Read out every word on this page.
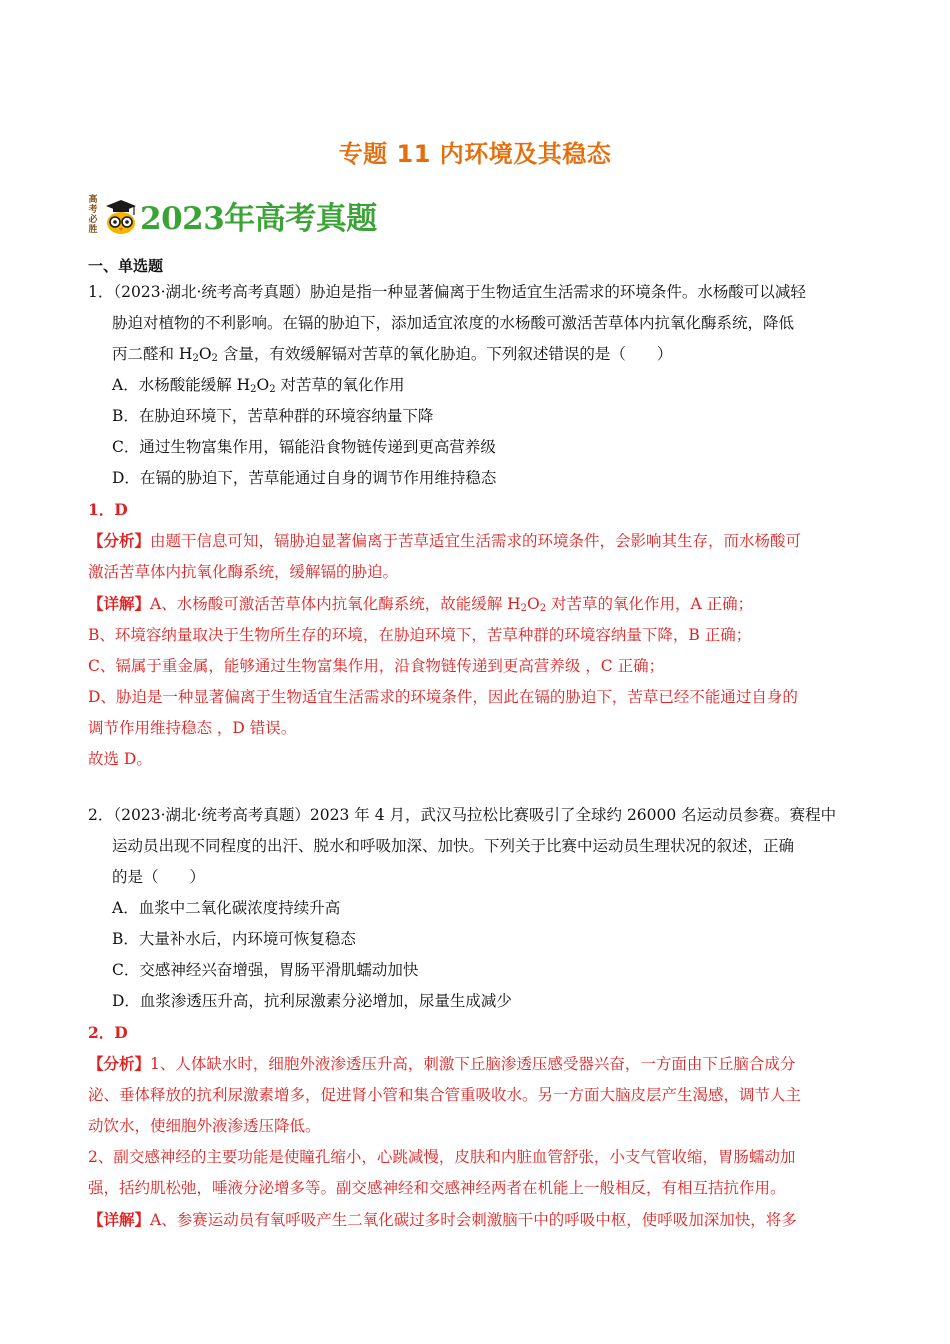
专题 11 内环境及其稳态
高
考
必
胜 2023年高考真题
一、单选题
1．（2023·湖北·统考高考真题）胁迫是指一种显著偏离于生物适宜生活需求的环境条件。水杨酸可以减轻
胁迫对植物的不利影响。在镉的胁迫下，添加适宜浓度的水杨酸可激活苦草体内抗氧化酶系统，降低
丙二醛和 $H_2O_2$ 含量，有效缓解镉对苦草的氧化胁迫。下列叙述错误的是（　　）
A．水杨酸能缓解 $H_2O_2$ 对苦草的氧化作用
B．在胁迫环境下，苦草种群的环境容纳量下降
C．通过生物富集作用，镉能沿食物链传递到更高营养级
D．在镉的胁迫下，苦草能通过自身的调节作用维持稳态
1．D
【分析】由题干信息可知，镉胁迫显著偏离于苦草适宜生活需求的环境条件，会影响其生存，而水杨酸可
激活苦草体内抗氧化酶系统，缓解镉的胁迫。
【详解】A、水杨酸可激活苦草体内抗氧化酶系统，故能缓解 $H_2O_2$ 对苦草的氧化作用，A 正确；
B、环境容纳量取决于生物所生存的环境，在胁迫环境下，苦草种群的环境容纳量下降，B 正确；
C、镉属于重金属，能够通过生物富集作用，沿食物链传递到更高营养级 ，C 正确；
D、胁迫是一种显著偏离于生物适宜生活需求的环境条件，因此在镉的胁迫下，苦草已经不能通过自身的
调节作用维持稳态 ，D 错误。
故选 D。
2．（2023·湖北·统考高考真题）2023 年 4 月，武汉马拉松比赛吸引了全球约 26000 名运动员参赛。赛程中
运动员出现不同程度的出汗、脱水和呼吸加深、加快。下列关于比赛中运动员生理状况的叙述，正确
的是（　　）
A．血浆中二氧化碳浓度持续升高
B．大量补水后，内环境可恢复稳态
C．交感神经兴奋增强，胃肠平滑肌蠕动加快
D．血浆渗透压升高，抗利尿激素分泌增加，尿量生成减少
2．D
【分析】1、人体缺水时，细胞外液渗透压升高，刺激下丘脑渗透压感受器兴奋，一方面由下丘脑合成分
泌、垂体释放的抗利尿激素增多，促进肾小管和集合管重吸收水。另一方面大脑皮层产生渴感，调节人主
动饮水，使细胞外液渗透压降低。
2、副交感神经的主要功能是使瞳孔缩小，心跳减慢，皮肤和内脏血管舒张，小支气管收缩，胃肠蠕动加
强，括约肌松弛，唾液分泌增多等。副交感神经和交感神经两者在机能上一般相反，有相互拮抗作用。
【详解】A、参赛运动员有氧呼吸产生二氧化碳过多时会刺激脑干中的呼吸中枢，使呼吸加深加快，将多
